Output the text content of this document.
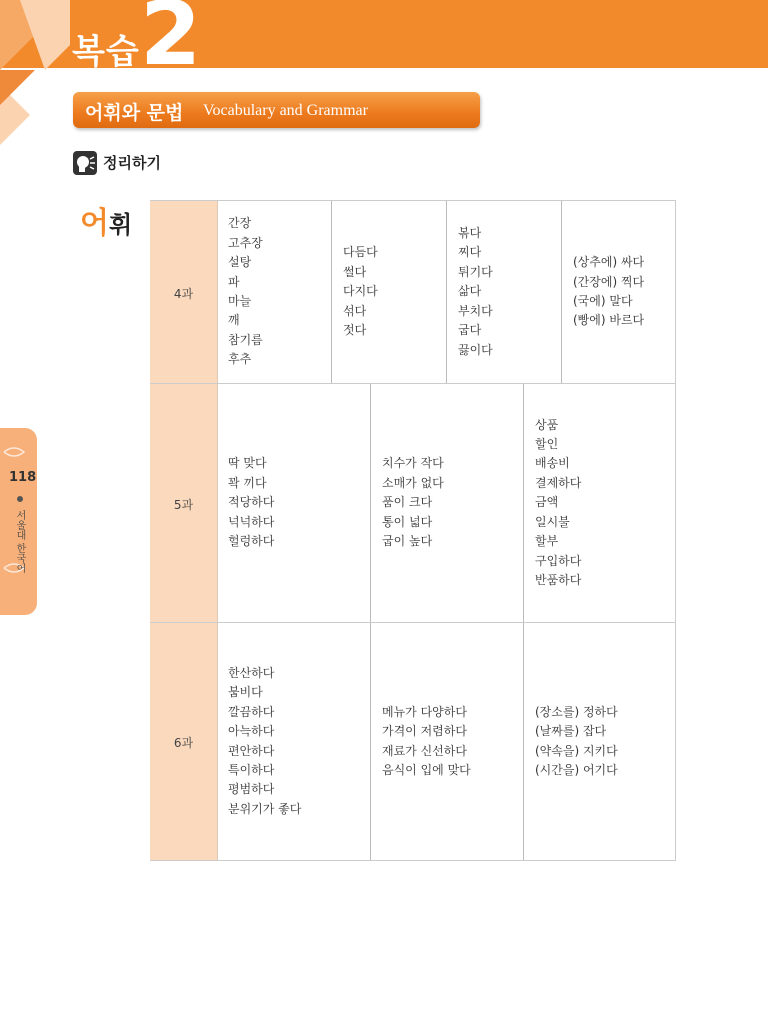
복습 2
어휘와 문법 Vocabulary and Grammar
정리하기
어휘
118
서울대 한국어
4과
간장
고추장
설탕
파
마늘
깨
참기름
후추
다듬다
썰다
다지다
섞다
젓다
볶다
찌다
튀기다
삶다
부치다
굽다
끓이다
(상추에) 싸다
(간장에) 찍다
(국에) 말다
(빵에) 바르다
5과
딱 맞다
꽉 끼다
적당하다
넉넉하다
헐렁하다
치수가 작다
소매가 없다
품이 크다
통이 넓다
굽이 높다
상품
할인
배송비
결제하다
금액
일시불
할부
구입하다
반품하다
6과
한산하다
붐비다
깔끔하다
아늑하다
편안하다
특이하다
평범하다
분위기가 좋다
메뉴가 다양하다
가격이 저렴하다
재료가 신선하다
음식이 입에 맞다
(장소를) 정하다
(날짜를) 잡다
(약속을) 지키다
(시간을) 어기다
